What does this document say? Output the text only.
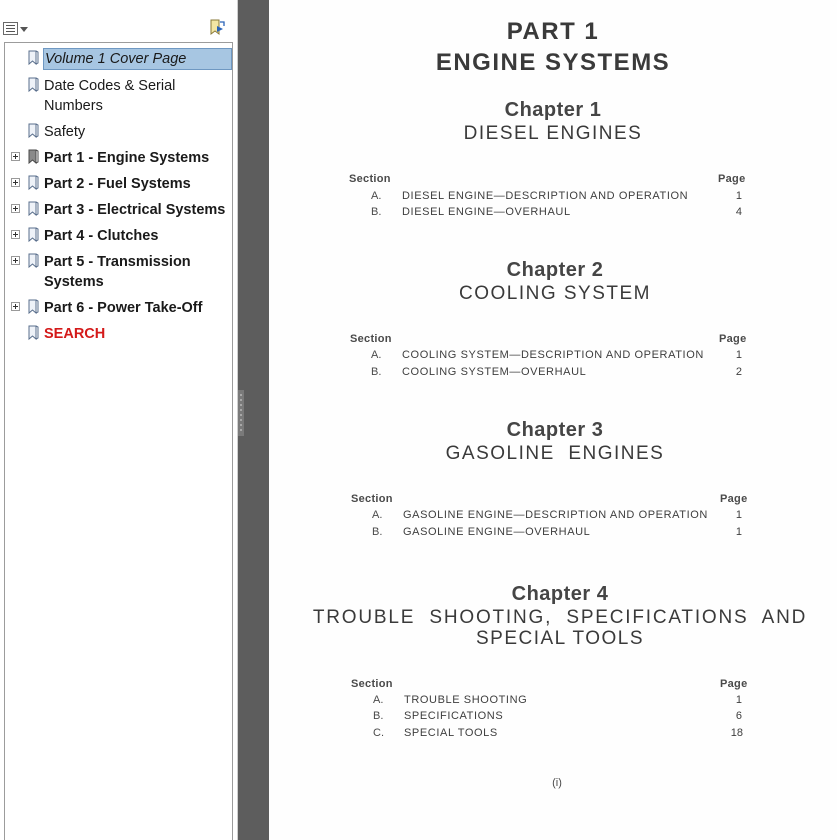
Volume 1 Cover Page
Date Codes & Serial
Numbers
Safety
Part 1 - Engine Systems
Part 2 - Fuel Systems
Part 3 - Electrical Systems
Part 4 - Clutches
Part 5 - Transmission
Systems
Part 6 - Power Take-Off
SEARCH
PART 1
ENGINE SYSTEMS
Chapter 1
DIESEL ENGINES
Section	Page
A. DIESEL ENGINE—DESCRIPTION AND OPERATION	1
B. DIESEL ENGINE—OVERHAUL	4
Chapter 2
COOLING SYSTEM
Section	Page
A. COOLING SYSTEM—DESCRIPTION AND OPERATION	1
B. COOLING SYSTEM—OVERHAUL	2
Chapter 3
GASOLINE  ENGINES
Section	Page
A. GASOLINE ENGINE—DESCRIPTION AND OPERATION	1
B. GASOLINE ENGINE—OVERHAUL	1
Chapter 4
TROUBLE  SHOOTING,  SPECIFICATIONS  AND
SPECIAL TOOLS
Section	Page
A. TROUBLE SHOOTING	1
B. SPECIFICATIONS	6
C. SPECIAL TOOLS	18
(i)
